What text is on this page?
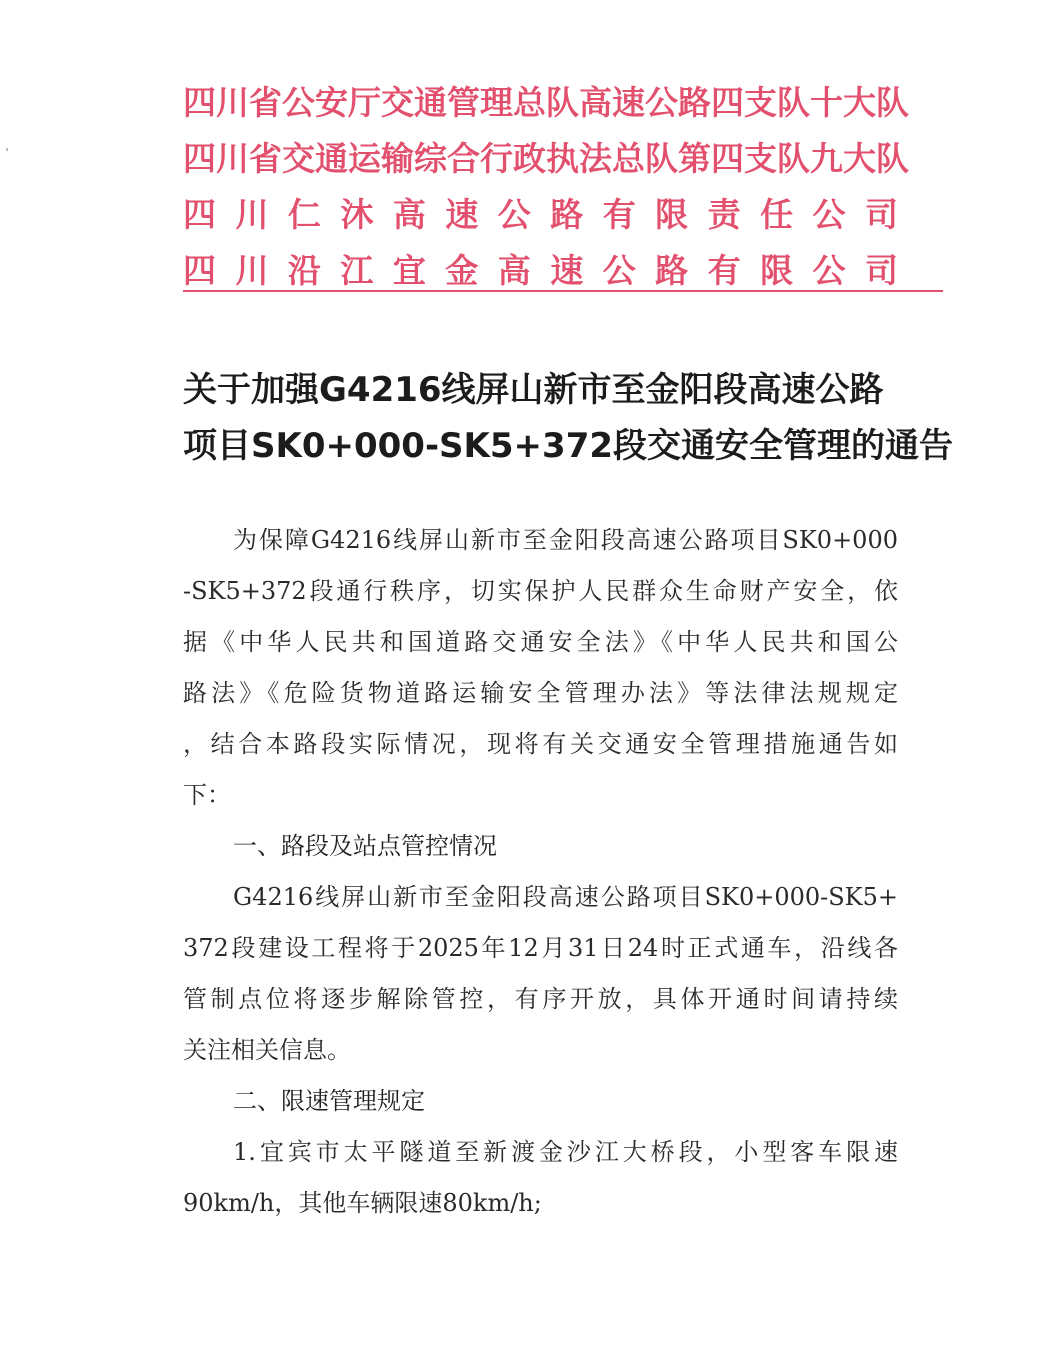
四川省公安厅交通管理总队高速公路四支队十大队
四川省交通运输综合行政执法总队第四支队九大队
四川仁沐高速公路有限责任公司
四川沿江宜金高速公路有限公司
关于加强G4216线屏山新市至金阳段高速公路
项目SK0+000-SK5+372段交通安全管理的通告
为保障G4216线屏山新市至金阳段高速公路项目SK0+000
-SK5+372段通行秩序，切实保护人民群众生命财产安全，依
据《中华人民共和国道路交通安全法》《中华人民共和国公
路法》《危险货物道路运输安全管理办法》等法律法规规定
，结合本路段实际情况，现将有关交通安全管理措施通告如
下：
一、路段及站点管控情况
G4216线屏山新市至金阳段高速公路项目SK0+000-SK5+
372段建设工程将于2025年12月31日24时正式通车，沿线各
管制点位将逐步解除管控，有序开放，具体开通时间请持续
关注相关信息。
二、限速管理规定
1.宜宾市太平隧道至新渡金沙江大桥段，小型客车限速
90km/h，其他车辆限速80km/h;
